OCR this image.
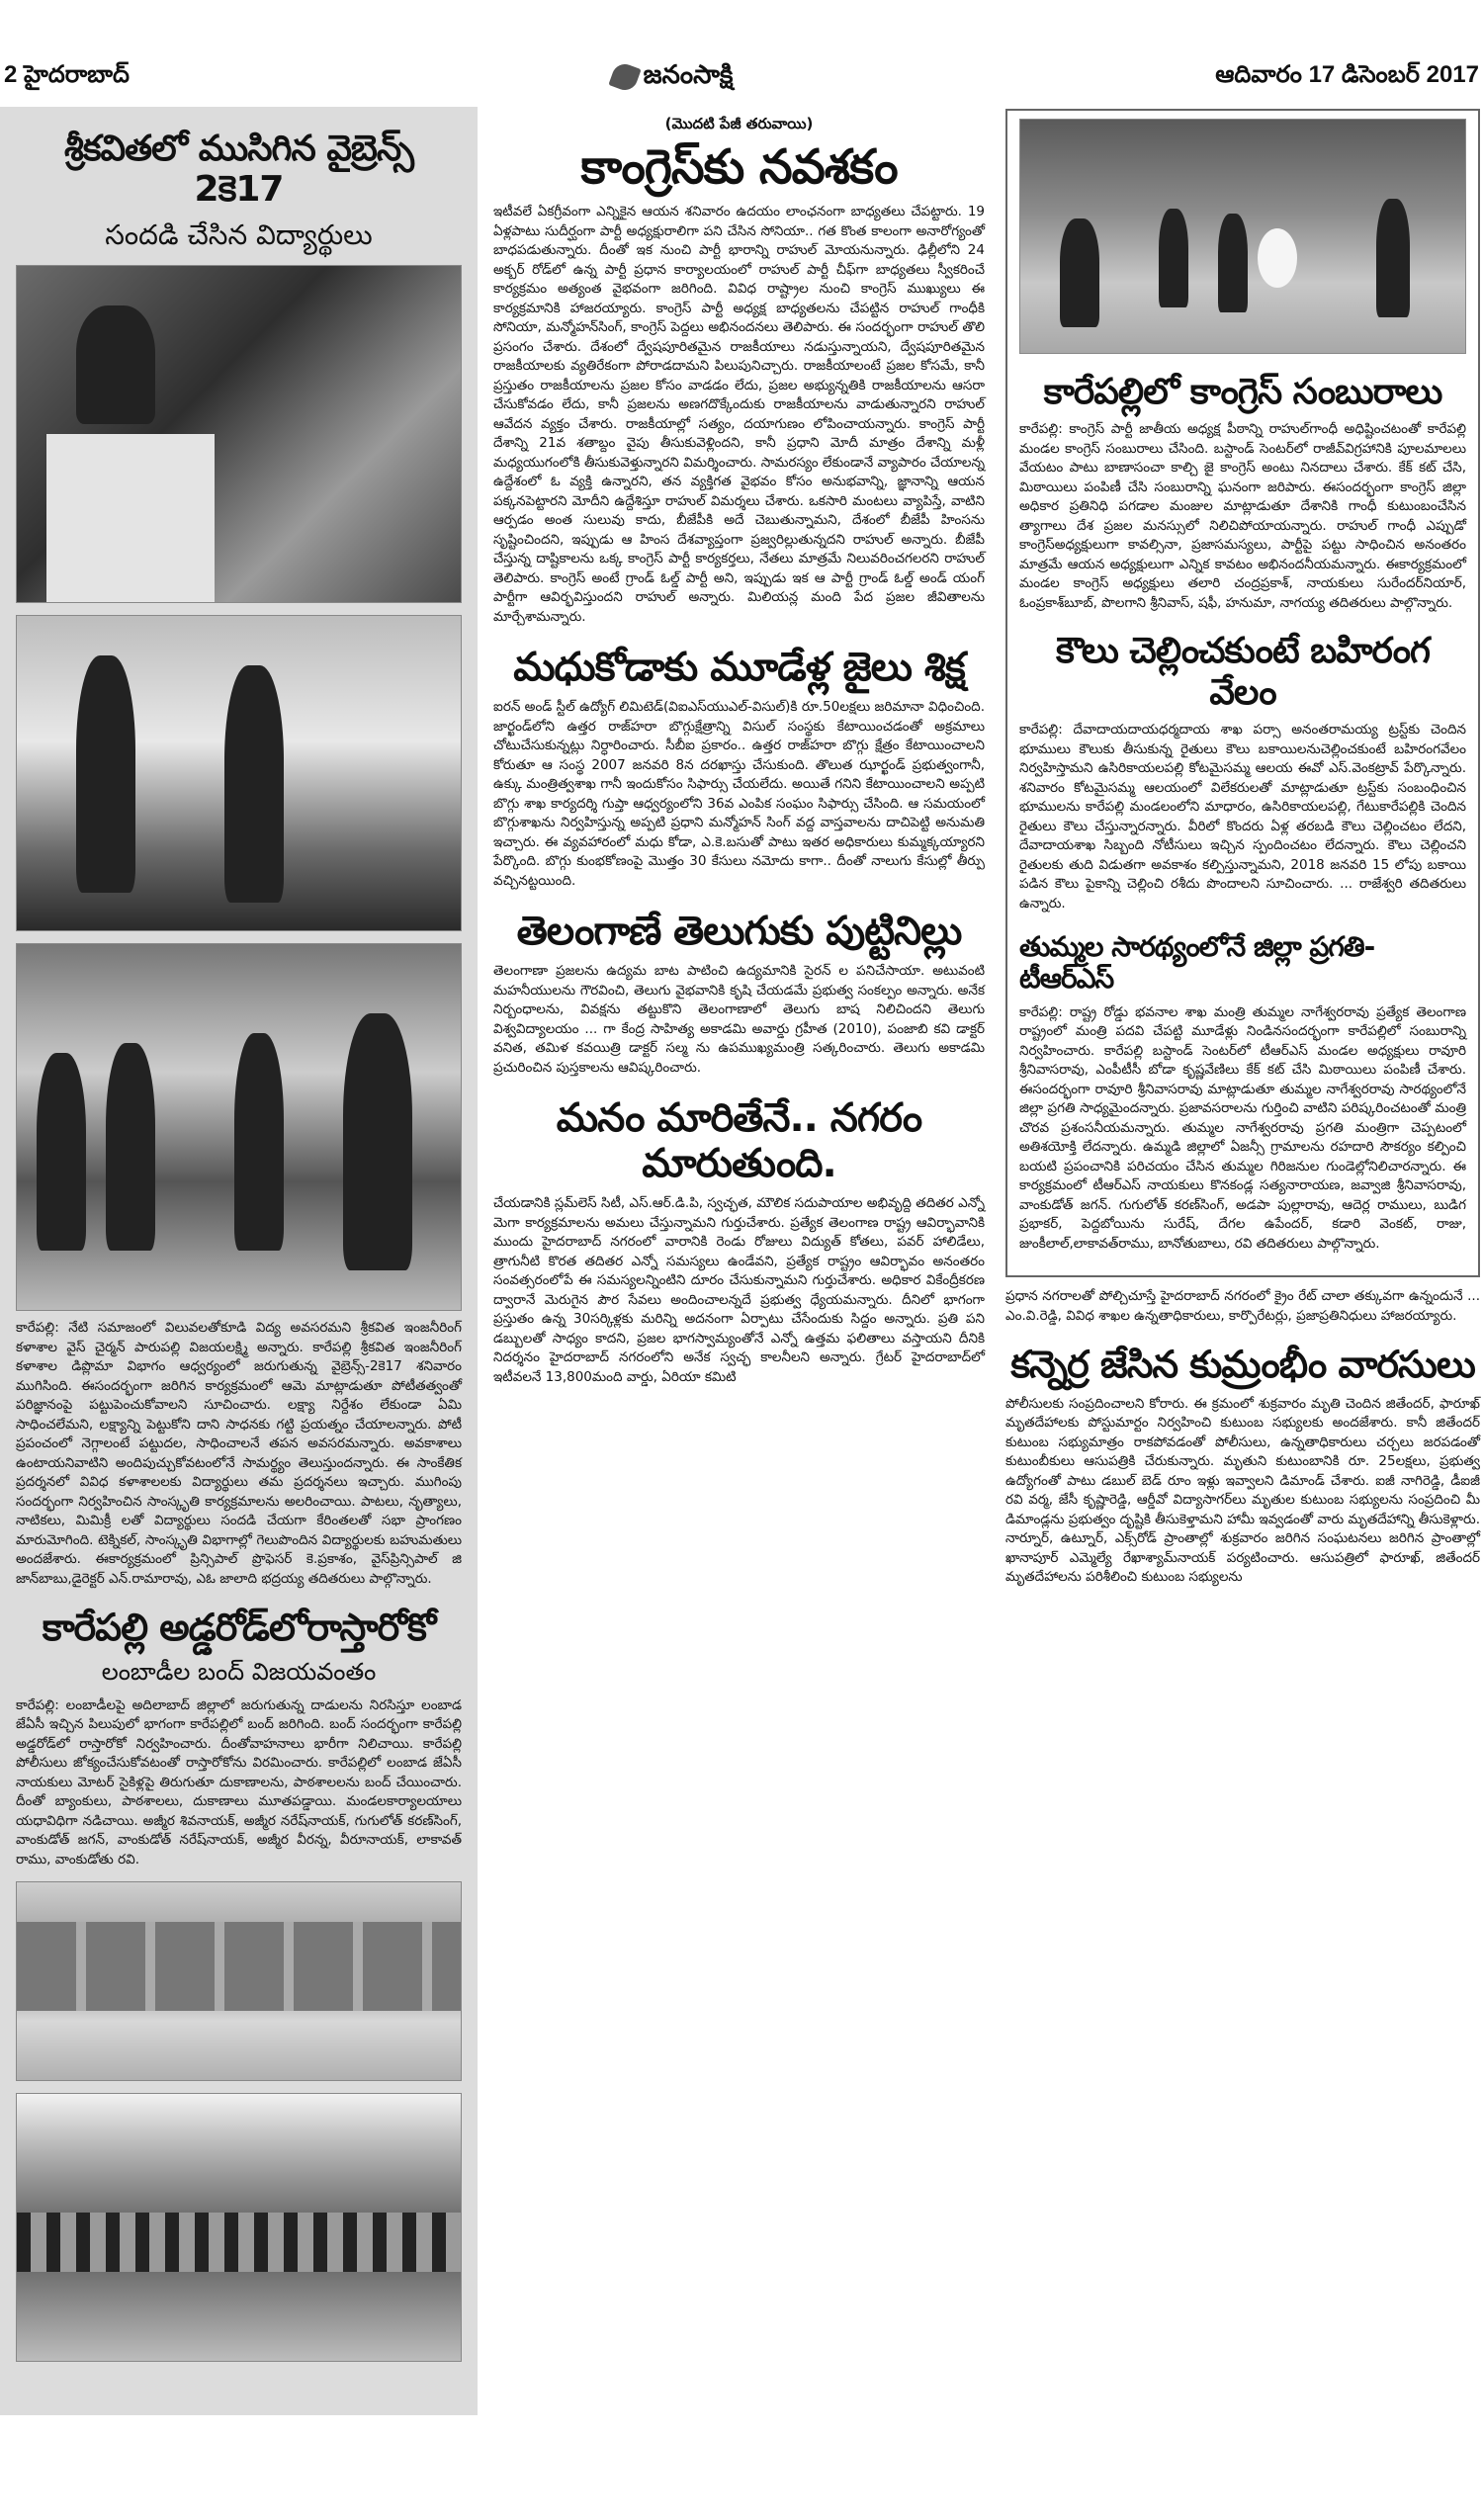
2 హైదరాబాద్	జనంసాక్షి	ఆదివారం 17 డిసెంబర్ 2017
శ్రీకవితలో ముసిగిన వైబ్రెన్స్ 2కె17
సందడి చేసిన విద్యార్థులు
కారేపల్లి: నేటి సమాజంలో విలువలతోకూడి విద్య అవసరమని శ్రీకవిత ఇంజనీరింగ్ కళాశాల వైస్ చైర్మన్ పారుపల్లి విజయలక్ష్మి అన్నారు. కారేపల్లి శ్రీకవిత ఇంజనీరింగ్ కళాశాల డిప్లొమా విభాగం ఆధ్వర్యంలో జరుగుతున్న వైబ్రెన్స్-2కె17 శనివారం ముగిసింది. ఈసందర్భంగా జరిగిన కార్యక్రమంలో ఆమె మాట్లాడుతూ పోటీతత్వంతో పరిజ్ఞానంపై పట్టుపెంచుకోవాలని సూచించారు. లక్ష్యా నిర్దేశం లేకుండా ఏమి సాధించలేమని, లక్ష్యాన్ని పెట్టుకోని దాని సాధనకు గట్టి ప్రయత్నం చేయాలన్నారు. పోటీ ప్రపంచంలో నెగ్గాలంటే పట్టుదల, సాధించాలనే తపన అవసరమన్నారు. అవకాశాలు ఉంటాయనివాటిని అందిపుచ్చుకోవటంలోనే సామర్థ్యం తెలుస్తుందన్నారు. ఈ సాంకేతిక ప్రదర్శనలో వివిధ కళాశాలలకు విద్యార్థులు తమ ప్రదర్శనలు ఇచ్చారు. ముగింపు సందర్భంగా నిర్వహించిన సాంస్కృతి కార్యక్రమాలను అలరించాయి. పాటలు, నృత్యాలు, నాటికలు, మిమిక్రీ లతో విద్యార్థులు సందడి చేయగా కేరింతలతో సభా ప్రాంగణం మారుమోగింది. టెక్నికల్, సాంస్కృతి విభాగాల్లో గెలుపొందిన విద్యార్థులకు బహుమతులు అందజేశారు. ఈకార్యక్రమంలో ప్రిన్సిపాల్ ప్రొఫెసర్ కె.ప్రకాశం, వైస్‌ప్రిన్సిపాల్ జి జాన్‌బాబు,డైరెక్టర్ ఎన్.రామారావు, ఎఓ జాలాది భద్రయ్య తదితరులు పాల్గొన్నారు.
కారేపల్లి అడ్డరోడ్‌లోరాస్తారోకో
లంబాడీల బంద్ విజయవంతం
కారేపల్లి: లంబాడీలపై అదిలాబాద్ జిల్లాలో జరుగుతున్న దాడులను నిరసిస్తూ లంబాడ జేఏసీ ఇచ్చిన పిలుపులో భాగంగా కారేపల్లిలో బంద్ జరిగింది. బంద్ సందర్భంగా కారేపల్లి అడ్డరోడ్‌లో రాస్తారోకో నిర్వహించారు. దీంతోవాహనాలు భారీగా నిలిచాయి. కారేపల్లి పోలీసులు జోక్యంచేసుకోవటంతో రాస్తారోకోను విరమించారు. కారేపల్లిలో లంబాడ జేఏసీ నాయకులు మోటర్ సైకిళ్లపై తిరుగుతూ దుకాణాలను, పాఠశాలలను బంద్ చేయించారు. దీంతో బ్యాంకులు, పాఠశాలలు, దుకాణాలు మూతపడ్డాయి. మండలకార్యాలయాలు యధావిధిగా నడిచాయి. అజ్మీర శివనాయక్, అజ్మీర నరేష్‌నాయక్, గుగులోత్ కరణ్‌సింగ్, వాంకుడోత్ జగన్, వాంకుడోత్ నరేష్‌నాయక్, అజ్మీర వీరన్న, వీరూనాయక్, లాకావత్ రాము, వాంకుడోతు రవి.
(మొదటి పేజీ తరువాయి)
కాంగ్రెస్‌కు నవశకం
ఇటీవలే ఏకగ్రీవంగా ఎన్నికైన ఆయన శనివారం ఉదయం లాంఛనంగా బాధ్యతలు చేపట్టారు. 19 ఏళ్లపాటు సుదీర్ఘంగా పార్టీ అధ్యక్షురాలిగా పని చేసిన సోనియా.. గత కొంత కాలంగా అనారోగ్యంతో బాధపడుతున్నారు. దీంతో ఇక నుంచి పార్టీ భారాన్ని రాహుల్ మోయనున్నారు. ఢిల్లీలోని 24 అక్బర్ రోడ్‌లో ఉన్న పార్టీ ప్రధాన కార్యాలయంలో రాహుల్ పార్టీ చీఫ్‌గా బాధ్యతలు స్వీకరించే కార్యక్రమం అత్యంత వైభవంగా జరిగింది. వివిధ రాష్ట్రాల నుంచి కాంగ్రెస్ ముఖ్యులు ఈ కార్యక్రమానికి హాజరయ్యారు. కాంగ్రెస్ పార్టీ అధ్యక్ష బాధ్యతలను చేపట్టిన రాహుల్ గాంధీకి సోనియా, మన్మోహన్‌సింగ్, కాంగ్రెస్ పెద్దలు అభినందనలు తెలిపారు. ఈ సందర్భంగా రాహుల్ తొలి ప్రసంగం చేశారు. దేశంలో ద్వేషపూరితమైన రాజకీయాలు నడుస్తున్నాయని, ద్వేషపూరితమైన రాజకీయాలకు వ్యతిరేకంగా పోరాడదామని పిలుపునిచ్చారు. రాజకీయాలంటే ప్రజల కోసమే, కానీ ప్రస్తుతం రాజకీయాలను ప్రజల కోసం వాడడం లేదు, ప్రజల అభ్యున్నతికి రాజకీయాలను ఆసరా చేసుకోవడం లేదు, కానీ ప్రజలను అణగదొక్కేందుకు రాజకీయాలను వాడుతున్నారని రాహుల్ ఆవేదన వ్యక్తం చేశారు. రాజకీయాల్లో సత్యం, దయాగుణం లోపించాయన్నారు. కాంగ్రెస్ పార్టీ దేశాన్ని 21వ శతాబ్దం వైపు తీసుకువెళ్లిందని, కానీ ప్రధాని మోదీ మాత్రం దేశాన్ని మళ్లీ మధ్యయుగంలోకి తీసుకువెళ్తున్నారని విమర్శించారు. సామరస్యం లేకుండానే వ్యాపారం చేయాలన్న ఉద్దేశంలో ఓ వ్యక్తి ఉన్నారని, తన వ్యక్తిగత వైభవం కోసం అనుభవాన్ని, జ్ఞానాన్ని ఆయన పక్కనపెట్టారని మోదీని ఉద్దేశిస్తూ రాహుల్ విమర్శలు చేశారు. ఒకసారి మంటలు వ్యాపిస్తే, వాటిని ఆర్పడం అంత సులువు కాదు, బీజేపీకి అదే చెబుతున్నామని, దేశంలో బీజేపీ హింసను సృష్టించిందని, ఇప్పుడు ఆ హింస దేశవ్యాప్తంగా ప్రజ్వరిల్లుతున్నదని రాహుల్ అన్నారు. బీజేపీ చేస్తున్న దాష్టికాలను ఒక్క కాంగ్రెస్ పార్టీ కార్యకర్తలు, నేతలు మాత్రమే నిలువరించగలరని రాహుల్ తెలిపారు. కాంగ్రెస్ అంటే గ్రాండ్ ఓల్డ్ పార్టీ అని, ఇప్పుడు ఇక ఆ పార్టీ గ్రాండ్ ఓల్డ్ అండ్ యంగ్ పార్టీగా ఆవిర్భవిస్తుందని రాహుల్ అన్నారు. మిలియన్ల మంది పేద ప్రజల జీవితాలను మార్చేశామన్నారు.
మధుకోడాకు మూడేళ్ల జైలు శిక్ష
ఐరన్ అండ్ స్టీల్ ఉద్యోగ్ లిమిటెడ్(విఐఎస్‌యుఎల్-విసుల్)కి రూ.50లక్షలు జరిమానా విధించింది. జార్ఖండ్‌లోని ఉత్తర రాజ్‌హరా బొగ్గుక్షేత్రాన్ని విసుల్ సంస్థకు కేటాయించడంతో అక్రమాలు చోటుచేసుకున్నట్లు నిర్ధారించారు. సీబీఐ ప్రకారం.. ఉత్తర రాజ్‌హరా బొగ్గు క్షేత్రం కేటాయించాలని కోరుతూ ఆ సంస్థ 2007 జనవరి 8న దరఖాస్తు చేసుకుంది. తొలుత ఝార్ఖండ్ ప్రభుత్వంగానీ, ఉక్కు మంత్రిత్వశాఖ గానీ ఇందుకోసం సిఫార్సు చేయలేదు. అయితే గనిని కేటాయించాలని అప్పటి బొగ్గు శాఖ కార్యదర్శి గుప్తా ఆధ్వర్యంలోని 36వ ఎంపిక సంఘం సిఫార్సు చేసింది. ఆ సమయంలో బొగ్గుశాఖను నిర్వహిస్తున్న అప్పటి ప్రధాని మన్మోహన్ సింగ్ వద్ద వాస్తవాలను దాచిపెట్టి అనుమతి ఇచ్చారు. ఈ వ్యవహారంలో మధు కోడా, ఎ.కె.బసుతో పాటు ఇతర అధికారులు కుమ్మక్కయ్యారని పేర్కొంది. బొగ్గు కుంభకోణంపై మొత్తం 30 కేసులు నమోదు కాగా.. దీంతో నాలుగు కేసుల్లో తీర్పు వచ్చినట్టయింది.
తెలంగాణే తెలుగుకు పుట్టినిల్లు
తెలంగాణా ప్రజలను ఉద్యమ బాట పాటించి ఉద్యమానికి సైరన్ ల పనిచేసాయా. అటువంటి మహనీయులను గౌరవించి, తెలుగు వైభవానికి కృషి చేయడమే ప్రభుత్వ సంకల్పం అన్నారు. అనేక నిర్బంధాలను, వివక్షను తట్టుకొని తెలంగాణాలో తెలుగు బాష నిలిచిందని తెలుగు విశ్వవిద్యాలయం ... గా కేంద్ర సాహిత్య అకాడమి అవార్డు గ్రహీత (2010), పంజాబి కవి డాక్టర్ వనిత, తమిళ కవయిత్రి డాక్టర్ సల్మ ను ఉపముఖ్యమంత్రి సత్కరించారు. తెలుగు అకాడమి ప్రచురించిన పుస్తకాలను ఆవిష్కరించారు.
మనం మారితేనే.. నగరం మారుతుంది.
చేయడానికి స్లమ్‌లెస్ సిటీ, ఎస్.ఆర్.డి.పి, స్వచ్ఛత, మౌలిక సదుపాయాల అభివృద్ది తదితర ఎన్నో మెగా కార్యక్రమాలను అమలు చేస్తున్నామని గుర్తుచేశారు. ప్రత్యేక తెలంగాణ రాష్ట్ర ఆవిర్భావానికి ముందు హైదరాబాద్ నగరంలో వారానికి రెండు రోజులు విద్యుత్ కోతలు, పవర్ హాలిడేలు, త్రాగునీటి కొరత తదితర ఎన్నో సమస్యలు ఉండేవని, ప్రత్యేక రాష్ట్రం ఆవిర్భావం అనంతరం సంవత్సరంలోపే ఈ సమస్యలన్నింటిని దూరం చేసుకున్నామని గుర్తుచేశారు. అధికార వికేంద్రీకరణ ద్వారానే మెరుగైన పౌర సేవలు అందించాలన్నదే ప్రభుత్వ ధ్యేయమన్నారు. దీనిలో భాగంగా ప్రస్తుతం ఉన్న 30సర్కిళ్లకు మరిన్ని అదనంగా ఏర్పాటు చేసేందుకు సిద్దం అన్నారు. ప్రతి పని డబ్బులతో సాధ్యం కాదని, ప్రజల భాగస్వామ్యంతోనే ఎన్నో ఉత్తమ ఫలితాలు వస్తాయని దీనికి నిదర్శనం హైదరాబాద్ నగరంలోని అనేక స్వచ్ఛ కాలనీలని అన్నారు. గ్రేటర్ హైదరాబాద్‌లో ఇటీవలనే 13,800మంది వార్డు, ఏరియా కమిటి
కారేపల్లిలో కాంగ్రెస్ సంబురాలు
కారేపల్లి: కాంగ్రెస్ పార్టీ జాతీయ అధ్యక్ష పీఠాన్ని రాహుల్‌గాంధీ అధిష్టించటంతో కారేపల్లి మండల కాంగ్రెస్ సంబురాలు చేసింది. బస్టాండ్ సెంటర్‌లో రాజీవ్‌విగ్రహానికి పూలమాలలు వేయటం పాటు బాణాసంచా కాల్చి జై కాంగ్రెస్ అంటు నినదాలు చేశారు. కేక్ కట్ చేసి, మిఠాయిలు పంపిణీ చేసి సంబురాన్ని ఘనంగా జరిపారు. ఈసందర్భంగా కాంగ్రెస్ జిల్లా అధికార ప్రతినిధి పగడాల మంజుల మాట్లాడుతూ దేశానికి గాంధీ కుటుంబంచేసిన త్యాగాలు దేశ ప్రజల మనస్సులో నిలిచిపోయాయన్నారు. రాహుల్ గాంధీ ఎప్పుడో కాంగ్రెస్‌అధ్యక్షులుగా కావల్సినా, ప్రజాసమస్యలు, పార్టీపై పట్టు సాధించిన అనంతరం మాత్రమే ఆయన అధ్యక్షులుగా ఎన్నిక కావటం అభినందనీయమన్నారు. ఈకార్యక్రమంలో మండల కాంగ్రెస్ అధ్యక్షులు తలారి చంద్రప్రకాశ్, నాయకులు సురేందర్‌నియార్, ఓంప్రకాశ్‌బూబ్, పొలగాని శ్రీనివాస్, షఫీ, హనుమా, నాగయ్య తదితరులు పాల్గొన్నారు.
కౌలు చెల్లించకుంటే బహిరంగ వేలం
కారేపల్లి: దేవాదాయదాయధర్మదాయ శాఖ పర్సా అనంతరామయ్య ట్రస్ట్‌కు చెందిన భూములు కౌలుకు తీసుకున్న రైతులు కౌలు బకాయిలనుచెల్లించకుంటే బహిరంగవేలం నిర్వహిస్తామని ఉసిరికాయలపల్లి కోటమైసమ్మ ఆలయ ఈవో ఎస్.వెంకట్రావ్ పేర్కొన్నారు. శనివారం కోటమైసమ్మ ఆలయంలో విలేకరులతో మాట్లాడుతూ ట్రస్ట్‌కు సంబంధించిన భూములను కారేపల్లి మండలంలోని మాధారం, ఉసిరికాయలపల్లి, గేటుకారేపల్లికి చెందిన రైతులు కౌలు చేస్తున్నారన్నారు. వీరిలో కొందరు ఏళ్ల తరబడి కౌలు చెల్లించటం లేదని, దేవాదాయశాఖ సిబ్బంది నోటీసులు ఇచ్చిన స్పందించటం లేదన్నారు. కౌలు చెల్లించని రైతులకు తుది విడుతగా అవకాశం కల్పిస్తున్నామని, 2018 జనవరి 15 లోపు బకాయి పడిన కౌలు పైకాన్ని చెల్లించి రశీదు పొందాలని సూచించారు. ... రాజేశ్వరి తదితరులు ఉన్నారు.
తుమ్మల సారథ్యంలోనే జిల్లా ప్రగతి-టీఆర్ఎస్
కారేపల్లి: రాష్ట్ర రోడ్డు భవనాల శాఖ మంత్రి తుమ్మల నాగేశ్వరరావు ప్రత్యేక తెలంగాణ రాష్ట్రంలో మంత్రి పదవి చేపట్టి మూడేళ్లు నిండినసందర్భంగా కారేపల్లిలో సంబురాన్ని నిర్వహించారు. కారేపల్లి బస్టాండ్ సెంటర్‌లో టీఆర్ఎస్ మండల అధ్యక్షులు రావూరి శ్రీనివాసరావు, ఎంపీటీసీ బోడా కృష్ణవేణిలు కేక్ కట్ చేసి మిఠాయిలు పంపిణీ చేశారు. ఈసందర్భంగా రావూరి శ్రీనివాసరావు మాట్లాడుతూ తుమ్మల నాగేశ్వరరావు సారథ్యంలోనే జిల్లా ప్రగతి సాధ్యమైందన్నారు. ప్రజావసరాలను గుర్తించి వాటిని పరిష్కరించటంతో మంత్రి చొరవ ప్రశంసనీయమన్నారు. తుమ్మల నాగేశ్వరరావు ప్రగతి మంత్రిగా చెప్పటంలో అతిశయోక్తి లేదన్నారు. ఉమ్మడి జిల్లాలో ఏజన్సీ గ్రామాలను రహదారి సౌకర్యం కల్పించి బయటి ప్రపంచానికి పరిచయం చేసిన తుమ్మల గిరిజనుల గుండెల్లోనిలిచారన్నారు. ఈ కార్యక్రమంలో టీఆర్ఎస్ నాయకులు కొనకండ్ల సత్యనారాయణ, జవ్వాజి శ్రీనివాసరావు, వాంకుడోత్ జగన్. గుగులోత్ కరణ్‌సింగ్, అడపా పుల్లారావు, ఆదెర్ల రాములు, బుడిగ ప్రభాకర్, పెద్దబోయిను సురేష్, దేగల ఉపేందర్, కడారి వెంకట్, రాజు, జుంకీలాల్,లాకావత్‌రాము, బానోతుబాలు, రవి తదితరులు పాల్గొన్నారు.
ప్రధాన నగరాలతో పోల్చిచూస్తే హైదరాబాద్ నగరంలో క్రైం రేట్ చాలా తక్కువగా ఉన్నందునే ... ఎం.వి.రెడ్డి, వివిధ శాఖల ఉన్నతాధికారులు, కార్పొరేటర్లు, ప్రజాప్రతినిధులు హాజరయ్యారు.
కన్నెర్ర జేసిన కుమ్రంభీం వారసులు
పోలీసులకు సంప్రదించాలని కోరారు. ఈ క్రమంలో శుక్రవారం మృతి చెందిన జితేందర్, ఫారూఖ్ మృతదేహాలకు పోస్టుమార్టం నిర్వహించి కుటుంబ సభ్యులకు అందజేశారు. కానీ జితేందర్ కుటుంబ సభ్యుమాత్రం రాకపోవడంతో పోలీసులు, ఉన్నతాధికారులు చర్చలు జరపడంతో కుటుంబీకులు ఆసుపత్రికి చేరుకున్నారు. మృతుని కుటుంబానికి రూ. 25లక్షలు, ప్రభుత్వ ఉద్యోగంతో పాటు డబుల్ బెడ్ రూం ఇళ్లు ఇవ్వాలని డిమాండ్ చేశారు. ఐజీ నాగిరెడ్డి, డీఐజీ రవి వర్మ, జేసీ కృష్ణారెడ్డి, ఆర్డీవో విద్యాసాగర్‌లు మృతుల కుటుంబ సభ్యులను సంప్రదించి మీ డిమాండ్లను ప్రభుత్వం దృష్టికి తీసుకెళ్తామని హామీ ఇవ్వడంతో వారు మృతదేహాన్ని తీసుకెళ్లారు. నార్నూర్, ఉట్నూర్, ఎక్స్‌రోడ్ ప్రాంతాల్లో శుక్రవారం జరిగిన సంఘటనలు జరిగిన ప్రాంతాల్లో ఖానాపూర్ ఎమ్మెల్యే రేఖాశ్యామ్‌నాయక్ పర్యటించారు. ఆసుపత్రిలో ఫారూఖ్, జితేందర్ మృతదేహాలను పరిశీలించి కుటుంబ సభ్యులను
